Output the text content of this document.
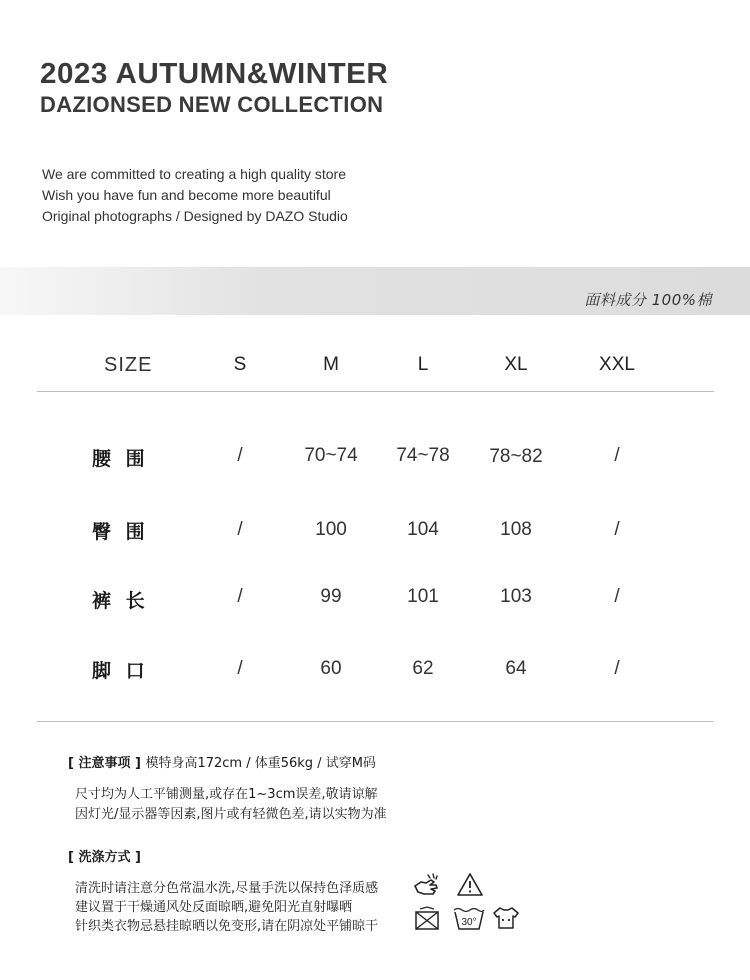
2023 AUTUMN&WINTER
DAZIONSED NEW COLLECTION
We are committed to creating a high quality store
Wish you have fun and become more beautiful
Original photographs / Designed by DAZO Studio
面料成分 100%棉
SIZE	S	M	L	XL	XXL
腰 围	/	70~74	74~78	78~82	/
臀 围	/	100	104	108	/
裤 长	/	99	101	103	/
脚 口	/	60	62	64	/
[ 注意事项 ] 模特身高172cm / 体重56kg / 试穿M码
尺寸均为人工平铺测量,或存在1~3cm误差,敬请谅解
因灯光/显示器等因素,图片或有轻微色差,请以实物为准
[ 洗涤方式 ]
清洗时请注意分色常温水洗,尽量手洗以保持色泽质感
建议置于干燥通风处反面晾晒,避免阳光直射曝晒
针织类衣物忌悬挂晾晒以免变形,请在阴凉处平铺晾干	30°
